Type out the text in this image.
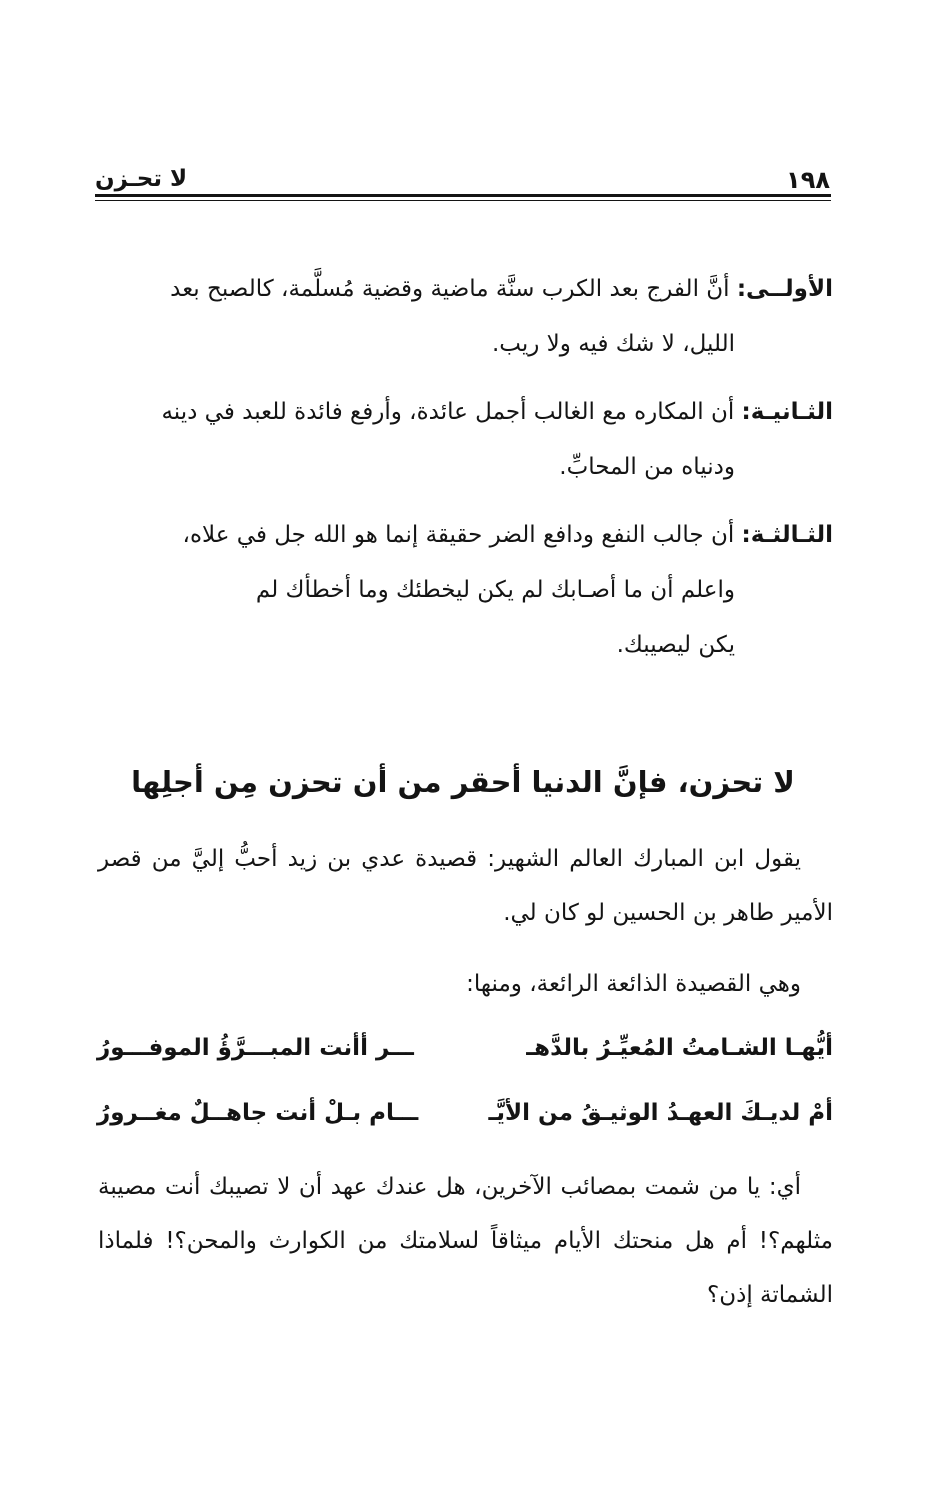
١٩٨
لا تحـزن
الأولــى: أنَّ الفرج بعد الكرب سنَّة ماضية وقضية مُسلَّمة، كالصبح بعد
الليل، لا شك فيه ولا ريب.
الثـانيـة: أن المكاره مع الغالب أجمل عائدة، وأرفع فائدة للعبد في دينه
ودنياه من المحابِّ.
الثـالثـة: أن جالب النفع ودافع الضر حقيقة إنما هو الله جل في علاه،
واعلم أن ما أصـابك لم يكن ليخطئك وما أخطأك لم
يكن ليصيبك.
لا تحزن، فإنَّ الدنيا أحقر من أن تحزن مِن أجلِها
يقول ابن المبارك العالم الشهير: قصيدة عدي بن زيد أحبُّ إليَّ من قصر الأمير طاهر بن الحسين لو كان لي.
وهي القصيدة الذائعة الرائعة، ومنها:
أيُّهـا الشـامتُ المُعيِّـرُ بالدَّهـ
ـــر أأنت المبـــرَّؤُ الموفـــورُ
أمْ لديـكَ العهـدُ الوثيـقُ من الأيَّـ
ـــام بـلْ أنت جاهــلٌ مغــرورُ
أي: يا من شمت بمصائب الآخرين، هل عندك عهد أن لا تصيبك أنت مصيبة مثلهم؟! أم هل منحتك الأيام ميثاقاً لسلامتك من الكوارث والمحن؟! فلماذا الشماتة إذن؟
